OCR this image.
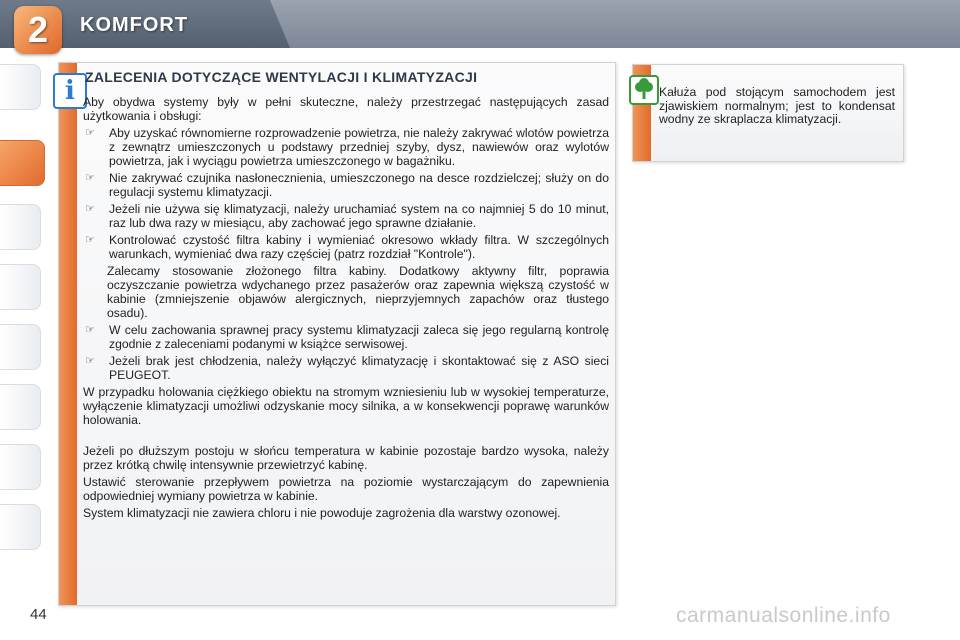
2	KOMFORT
i ZALECENIA DOTYCZĄCE WENTYLACJI I KLIMATYZACJI

Aby obydwa systemy były w pełni skuteczne, należy przestrzegać następujących zasad użytkowania i obsługi:

☞	Aby uzyskać równomierne rozprowadzenie powietrza, nie należy zakrywać wlotów powietrza z zewnątrz umieszczonych u podstawy przedniej szyby, dysz, nawiewów oraz wylotów powietrza, jak i wyciągu powietrza umieszczonego w bagażniku.
☞	Nie zakrywać czujnika nasłonecznienia, umieszczonego na desce rozdzielczej; służy on do regulacji systemu klimatyzacji.
☞	Jeżeli nie używa się klimatyzacji, należy uruchamiać system na co najmniej 5 do 10 minut, raz lub dwa razy w miesiącu, aby zachować jego sprawne działanie.
☞	Kontrolować czystość filtra kabiny i wymieniać okresowo wkłady filtra. W szczególnych warunkach, wymieniać dwa razy częściej (patrz rozdział "Kontrole").

Zalecamy stosowanie złożonego filtra kabiny. Dodatkowy aktywny filtr, poprawia oczyszczanie powietrza wdychanego przez pasażerów oraz zapewnia większą czystość w kabinie (zmniejszenie objawów alergicznych, nieprzyjemnych zapachów oraz tłustego osadu).

☞	W celu zachowania sprawnej pracy systemu klimatyzacji zaleca się jego regularną kontrolę zgodnie z zaleceniami podanymi w książce serwisowej.
☞	Jeżeli brak jest chłodzenia, należy wyłączyć klimatyzację i skontaktować się z ASO sieci PEUGEOT.

W przypadku holowania ciężkiego obiektu na stromym wzniesieniu lub w wysokiej temperaturze, wyłączenie klimatyzacji umożliwi odzyskanie mocy silnika, a w konsekwencji poprawę warunków holowania.

Jeżeli po dłuższym postoju w słońcu temperatura w kabinie pozostaje bardzo wysoka, należy przez krótką chwilę intensywnie przewietrzyć kabinę.

Ustawić sterowanie przepływem powietrza na poziomie wystarczającym do zapewnienia odpowiedniej wymiany powietrza w kabinie.

System klimatyzacji nie zawiera chloru i nie powoduje zagrożenia dla warstwy ozonowej.

Kałuża pod stojącym samochodem jest zjawiskiem normalnym; jest to kondensat wodny ze skraplacza klimatyzacji.
44	carmanualsonline.info
